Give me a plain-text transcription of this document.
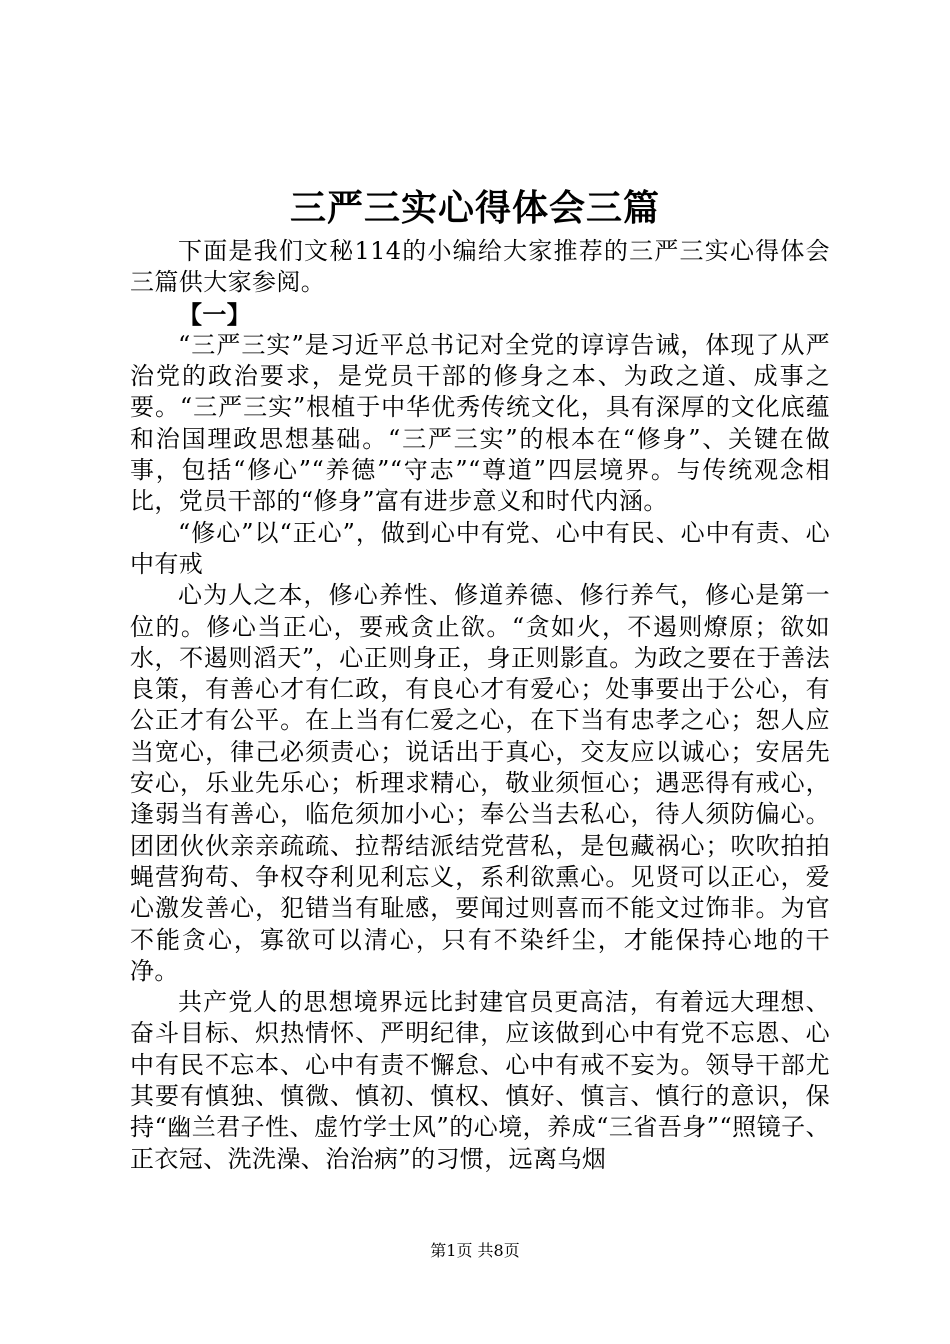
三严三实心得体会三篇

下面是我们文秘114的小编给大家推荐的三严三实心得体会三篇供大家参阅。

【一】

“三严三实”是习近平总书记对全党的谆谆告诫，体现了从严治党的政治要求，是党员干部的修身之本、为政之道、成事之要。“三严三实”根植于中华优秀传统文化，具有深厚的文化底蕴和治国理政思想基础。“三严三实”的根本在“修身”、关键在做事，包括“修心”“养德”“守志”“尊道”四层境界。与传统观念相比，党员干部的“修身”富有进步意义和时代内涵。

“修心”以“正心”，做到心中有党、心中有民、心中有责、心中有戒

心为人之本，修心养性、修道养德、修行养气，修心是第一位的。修心当正心，要戒贪止欲。“贪如火，不遏则燎原；欲如水，不遏则滔天”，心正则身正，身正则影直。为政之要在于善法良策，有善心才有仁政，有良心才有爱心；处事要出于公心，有公正才有公平。在上当有仁爱之心，在下当有忠孝之心；恕人应当宽心，律己必须责心；说话出于真心，交友应以诚心；安居先安心，乐业先乐心；析理求精心，敬业须恒心；遇恶得有戒心，逢弱当有善心，临危须加小心；奉公当去私心，待人须防偏心。团团伙伙亲亲疏疏、拉帮结派结党营私，是包藏祸心；吹吹拍拍蝇营狗苟、争权夺利见利忘义，系利欲熏心。见贤可以正心，爱心激发善心，犯错当有耻感，要闻过则喜而不能文过饰非。为官不能贪心，寡欲可以清心，只有不染纤尘，才能保持心地的干净。

共产党人的思想境界远比封建官员更高洁，有着远大理想、奋斗目标、炽热情怀、严明纪律，应该做到心中有党不忘恩、心中有民不忘本、心中有责不懈怠、心中有戒不妄为。领导干部尤其要有慎独、慎微、慎初、慎权、慎好、慎言、慎行的意识，保持“幽兰君子性、虚竹学士风”的心境，养成“三省吾身”“照镜子、正衣冠、洗洗澡、治治病”的习惯，远离乌烟

第1页 共8页
